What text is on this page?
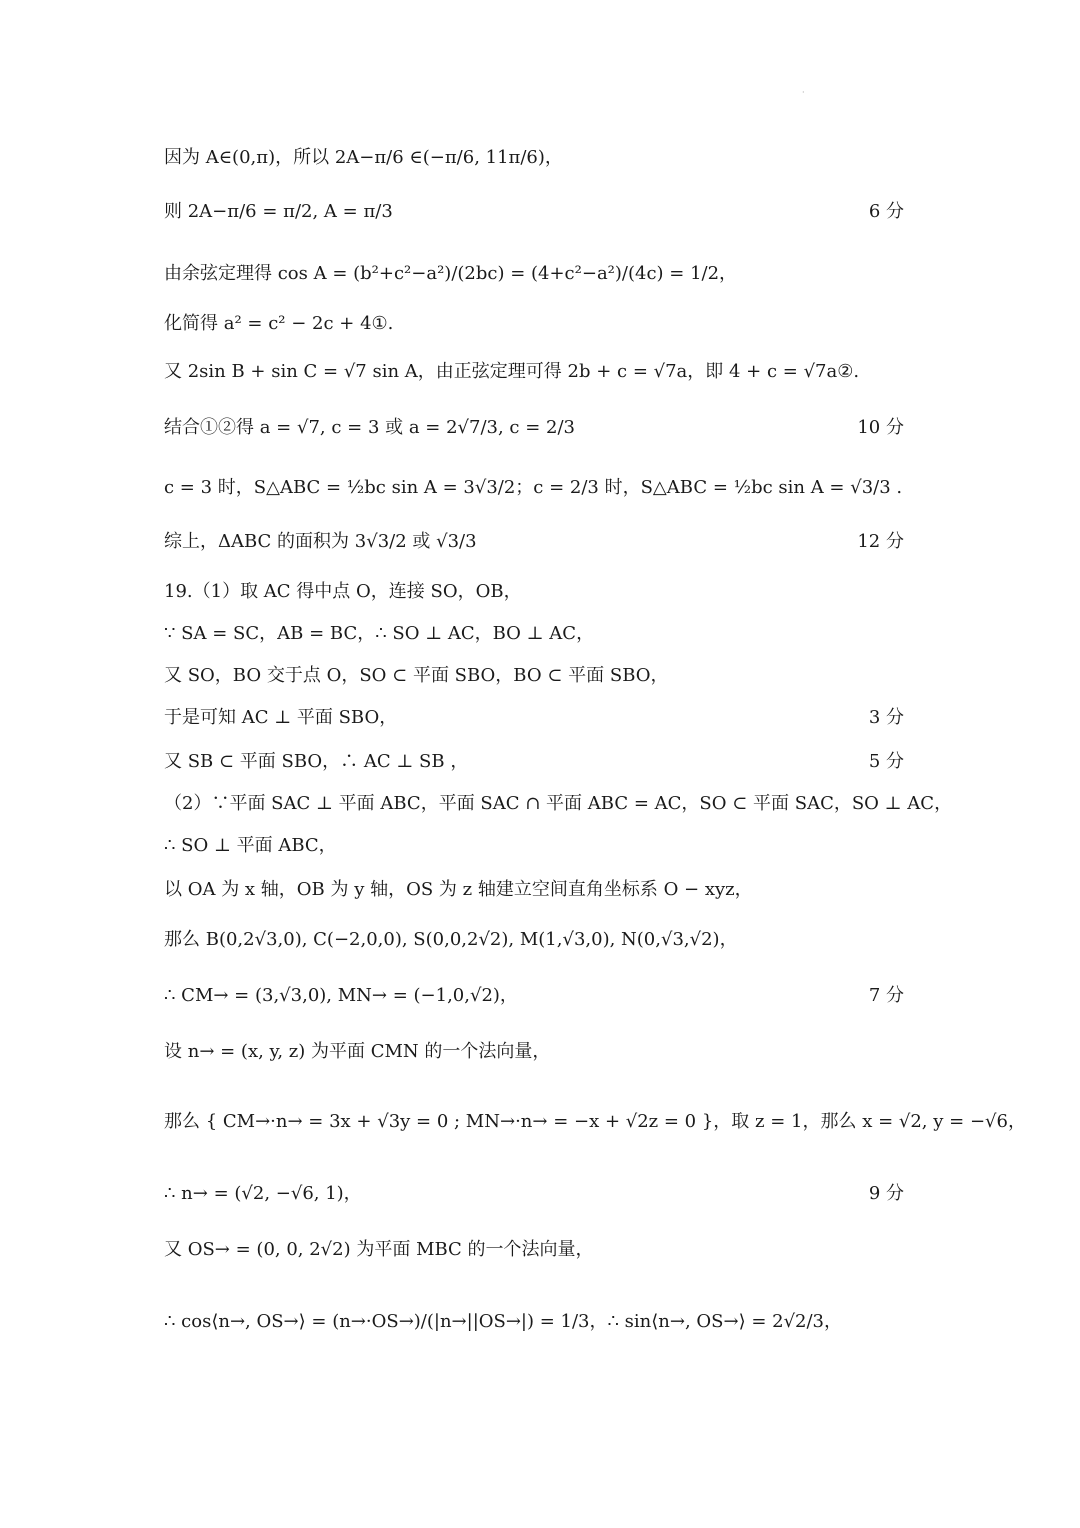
·
因为 A∈(0,π)，所以 2A−π/6 ∈(−π/6, 11π/6)，
则 2A−π/6 = π/2, A = π/3	6 分
由余弦定理得 cos A = (b²+c²−a²)/(2bc) = (4+c²−a²)/(4c) = 1/2，
化简得 a² = c² − 2c + 4①.
又 2sin B + sin C = √7 sin A，由正弦定理可得 2b + c = √7a，即 4 + c = √7a②.
结合①②得 a = √7, c = 3 或 a = 2√7/3, c = 2/3	10 分
c = 3 时，S△ABC = ½bc sin A = 3√3/2；c = 2/3 时，S△ABC = ½bc sin A = √3/3 .
综上，ΔABC 的面积为 3√3/2 或 √3/3	12 分
19.（1）取 AC 得中点 O，连接 SO，OB，
∵ SA = SC，AB = BC，∴ SO ⊥ AC，BO ⊥ AC，
又 SO，BO 交于点 O，SO ⊂ 平面 SBO，BO ⊂ 平面 SBO，
于是可知 AC ⊥ 平面 SBO，	3 分
又 SB ⊂ 平面 SBO，∴ AC ⊥ SB ，	5 分
（2）∵平面 SAC ⊥ 平面 ABC，平面 SAC ∩ 平面 ABC = AC，SO ⊂ 平面 SAC，SO ⊥ AC，
∴ SO ⊥ 平面 ABC，
以 OA 为 x 轴，OB 为 y 轴，OS 为 z 轴建立空间直角坐标系 O − xyz，
那么 B(0,2√3,0), C(−2,0,0), S(0,0,2√2), M(1,√3,0), N(0,√3,√2)，
∴ CM→ = (3,√3,0), MN→ = (−1,0,√2)，	7 分
设 n→ = (x, y, z) 为平面 CMN 的一个法向量，
那么 { CM→·n→ = 3x + √3y = 0 ; MN→·n→ = −x + √2z = 0 }，取 z = 1，那么 x = √2, y = −√6，
∴ n→ = (√2, −√6, 1)，	9 分
又 OS→ = (0, 0, 2√2) 为平面 MBC 的一个法向量，
∴ cos⟨n→, OS→⟩ = (n→·OS→)/(|n→||OS→|) = 1/3，∴ sin⟨n→, OS→⟩ = 2√2/3，
